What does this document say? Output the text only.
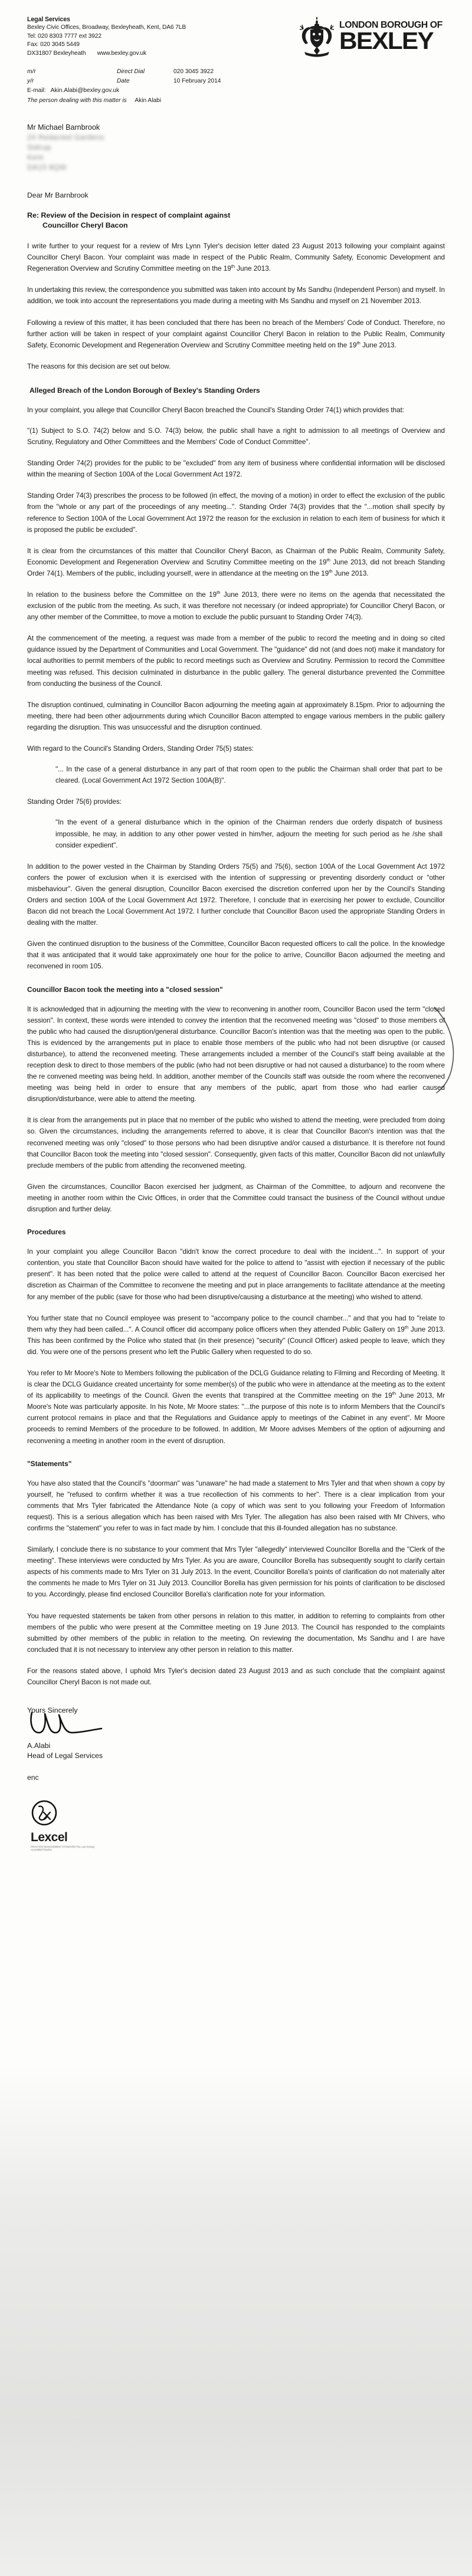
Legal Services
Bexley Civic Offices, Broadway, Bexleyheath, Kent, DA6 7LB
Tel: 020 8303 7777 ext 3922
Fax: 020 3045 5449
DX31807 Bexleyheath www.bexley.gov.uk
LONDON BOROUGH OF
BEXLEY
m/r	Direct Dial	020 3045 3922
y/r	Date	10 February 2014
E-mail: Akin.Alabi@bexley.gov.uk
The person dealing with this matter is Akin Alabi
Mr Michael Barnbrook
24 Redacted Gardens
Sidcup
Kent
DA15 8QW
Dear Mr Barnbrook
Re: Review of the Decision in respect of complaint against
Councillor Cheryl Bacon

I write further to your request for a review of Mrs Lynn Tyler's decision letter dated 23 August 2013 following your complaint against Councillor Cheryl Bacon. Your complaint was made in respect of the Public Realm, Community Safety, Economic Development and Regeneration Overview and Scrutiny Committee meeting on the 19th June 2013.

In undertaking this review, the correspondence you submitted was taken into account by Ms Sandhu (Independent Person) and myself. In addition, we took into account the representations you made during a meeting with Ms Sandhu and myself on 21 November 2013.

Following a review of this matter, it has been concluded that there has been no breach of the Members' Code of Conduct. Therefore, no further action will be taken in respect of your complaint against Councillor Cheryl Bacon in relation to the Public Realm, Community Safety, Economic Development and Regeneration Overview and Scrutiny Committee meeting held on the 19th June 2013.

The reasons for this decision are set out below.

Alleged Breach of the London Borough of Bexley's Standing Orders

In your complaint, you allege that Councillor Cheryl Bacon breached the Council's Standing Order 74(1) which provides that:

"(1) Subject to S.O. 74(2) below and S.O. 74(3) below, the public shall have a right to admission to all meetings of Overview and Scrutiny, Regulatory and Other Committees and the Members' Code of Conduct Committee".

Standing Order 74(2) provides for the public to be "excluded" from any item of business where confidential information will be disclosed within the meaning of Section 100A of the Local Government Act 1972.

Standing Order 74(3) prescribes the process to be followed (in effect, the moving of a motion) in order to effect the exclusion of the public from the "whole or any part of the proceedings of any meeting...". Standing Order 74(3) provides that the "...motion shall specify by reference to Section 100A of the Local Government Act 1972 the reason for the exclusion in relation to each item of business for which it is proposed the public be excluded".

It is clear from the circumstances of this matter that Councillor Cheryl Bacon, as Chairman of the Public Realm, Community Safety, Economic Development and Regeneration Overview and Scrutiny Committee meeting on the 19th June 2013, did not breach Standing Order 74(1). Members of the public, including yourself, were in attendance at the meeting on the 19th June 2013.

In relation to the business before the Committee on the 19th June 2013, there were no items on the agenda that necessitated the exclusion of the public from the meeting. As such, it was therefore not necessary (or indeed appropriate) for Councillor Cheryl Bacon, or any other member of the Committee, to move a motion to exclude the public pursuant to Standing Order 74(3).

At the commencement of the meeting, a request was made from a member of the public to record the meeting and in doing so cited guidance issued by the Department of Communities and Local Government. The "guidance" did not (and does not) make it mandatory for local authorities to permit members of the public to record meetings such as Overview and Scrutiny. Permission to record the Committee meeting was refused. This decision culminated in disturbance in the public gallery. The general disturbance prevented the Committee from conducting the business of the Council.

The disruption continued, culminating in Councillor Bacon adjourning the meeting again at approximately 8.15pm. Prior to adjourning the meeting, there had been other adjournments during which Councillor Bacon attempted to engage various members in the public gallery regarding the disruption. This was unsuccessful and the disruption continued.

With regard to the Council's Standing Orders, Standing Order 75(5) states:

"... In the case of a general disturbance in any part of that room open to the public the Chairman shall order that part to be cleared. (Local Government Act 1972 Section 100A(B)".

Standing Order 75(6) provides:

"In the event of a general disturbance which in the opinion of the Chairman renders due orderly dispatch of business impossible, he may, in addition to any other power vested in him/her, adjourn the meeting for such period as he /she shall consider expedient".

In addition to the power vested in the Chairman by Standing Orders 75(5) and 75(6), section 100A of the Local Government Act 1972 confers the power of exclusion when it is exercised with the intention of suppressing or preventing disorderly conduct or "other misbehaviour". Given the general disruption, Councillor Bacon exercised the discretion conferred upon her by the Council's Standing Orders and section 100A of the Local Government Act 1972. Therefore, I conclude that in exercising her power to exclude, Councillor Bacon did not breach the Local Government Act 1972. I further conclude that Councillor Bacon used the appropriate Standing Orders in dealing with the matter.

Given the continued disruption to the business of the Committee, Councillor Bacon requested officers to call the police. In the knowledge that it was anticipated that it would take approximately one hour for the police to arrive, Councillor Bacon adjourned the meeting and reconvened in room 105.

Councillor Bacon took the meeting into a "closed session"

It is acknowledged that in adjourning the meeting with the view to reconvening in another room, Councillor Bacon used the term "closed session". In context, these words were intended to convey the intention that the reconvened meeting was "closed" to those members of the public who had caused the disruption/general disturbance. Councillor Bacon's intention was that the meeting was open to the public. This is evidenced by the arrangements put in place to enable those members of the public who had not been disruptive (or caused disturbance), to attend the reconvened meeting. These arrangements included a member of the Council's staff being available at the reception desk to direct to those members of the public (who had not been disruptive or had not caused a disturbance) to the room where the re convened meeting was being held. In addition, another member of the Councils staff was outside the room where the reconvened meeting was being held in order to ensure that any members of the public, apart from those who had earlier caused disruption/disturbance, were able to attend the meeting.

It is clear from the arrangements put in place that no member of the public who wished to attend the meeting, were precluded from doing so. Given the circumstances, including the arrangements referred to above, it is clear that Councillor Bacon's intention was that the reconvened meeting was only "closed" to those persons who had been disruptive and/or caused a disturbance. It is therefore not found that Councillor Bacon took the meeting into "closed session". Consequently, given facts of this matter, Councillor Bacon did not unlawfully preclude members of the public from attending the reconvened meeting.

Given the circumstances, Councillor Bacon exercised her judgment, as Chairman of the Committee, to adjourn and reconvene the meeting in another room within the Civic Offices, in order that the Committee could transact the business of the Council without undue disruption and further delay.

Procedures

In your complaint you allege Councillor Bacon "didn't know the correct procedure to deal with the incident...". In support of your contention, you state that Councillor Bacon should have waited for the police to attend to "assist with ejection if necessary of the public present". It has been noted that the police were called to attend at the request of Councillor Bacon. Councillor Bacon exercised her discretion as Chairman of the Committee to reconvene the meeting and put in place arrangements to facilitate attendance at the meeting for any member of the public (save for those who had been disruptive/causing a disturbance at the meeting) who wished to attend.

You further state that no Council employee was present to "accompany police to the council chamber..." and that you had to "relate to them why they had been called...". A Council officer did accompany police officers when they attended Public Gallery on 19th June 2013. This has been confirmed by the Police who stated that (in their presence) "security" (Council Officer) asked people to leave, which they did. You were one of the persons present who left the Public Gallery when requested to do so.

You refer to Mr Moore's Note to Members following the publication of the DCLG Guidance relating to Filming and Recording of Meeting. It is clear the DCLG Guidance created uncertainty for some member(s) of the public who were in attendance at the meeting as to the extent of its applicability to meetings of the Council. Given the events that transpired at the Committee meeting on the 19th June 2013, Mr Moore's Note was particularly apposite. In his Note, Mr Moore states: "...the purpose of this note is to inform Members that the Council's current protocol remains in place and that the Regulations and Guidance apply to meetings of the Cabinet in any event". Mr Moore proceeds to remind Members of the procedure to be followed. In addition, Mr Moore advises Members of the option of adjourning and reconvening a meeting in another room in the event of disruption.

"Statements"

You have also stated that the Council's "doorman" was "unaware" he had made a statement to Mrs Tyler and that when shown a copy by yourself, he "refused to confirm whether it was a true recollection of his comments to her". There is a clear implication from your comments that Mrs Tyler fabricated the Attendance Note (a copy of which was sent to you following your Freedom of Information request). This is a serious allegation which has been raised with Mrs Tyler. The allegation has also been raised with Mr Chivers, who confirms the "statement" you refer to was in fact made by him. I conclude that this ill-founded allegation has no substance.

Similarly, I conclude there is no substance to your comment that Mrs Tyler "allegedly" interviewed Councillor Borella and the "Clerk of the meeting". These interviews were conducted by Mrs Tyler. As you are aware, Councillor Borella has subsequently sought to clarify certain aspects of his comments made to Mrs Tyler on 31 July 2013. In the event, Councillor Borella's points of clarification do not materially alter the comments he made to Mrs Tyler on 31 July 2013. Councillor Borella has given permission for his points of clarification to be disclosed to you. Accordingly, please find enclosed Councillor Borella's clarification note for your information.

You have requested statements be taken from other persons in relation to this matter, in addition to referring to complaints from other members of the public who were present at the Committee meeting on 19 June 2013. The Council has responded to the complaints submitted by other members of the public in relation to the meeting. On reviewing the documentation, Ms Sandhu and I are have concluded that it is not necessary to interview any other person in relation to this matter.

For the reasons stated above, I uphold Mrs Tyler's decision dated 23 August 2013 and as such conclude that the complaint against Councillor Cheryl Bacon is not made out.

Yours Sincerely
A.Alabi
Head of Legal Services
enc
Lexcel
PRACTICE MANAGEMENT STANDARD The Law Society Accredited Practice
